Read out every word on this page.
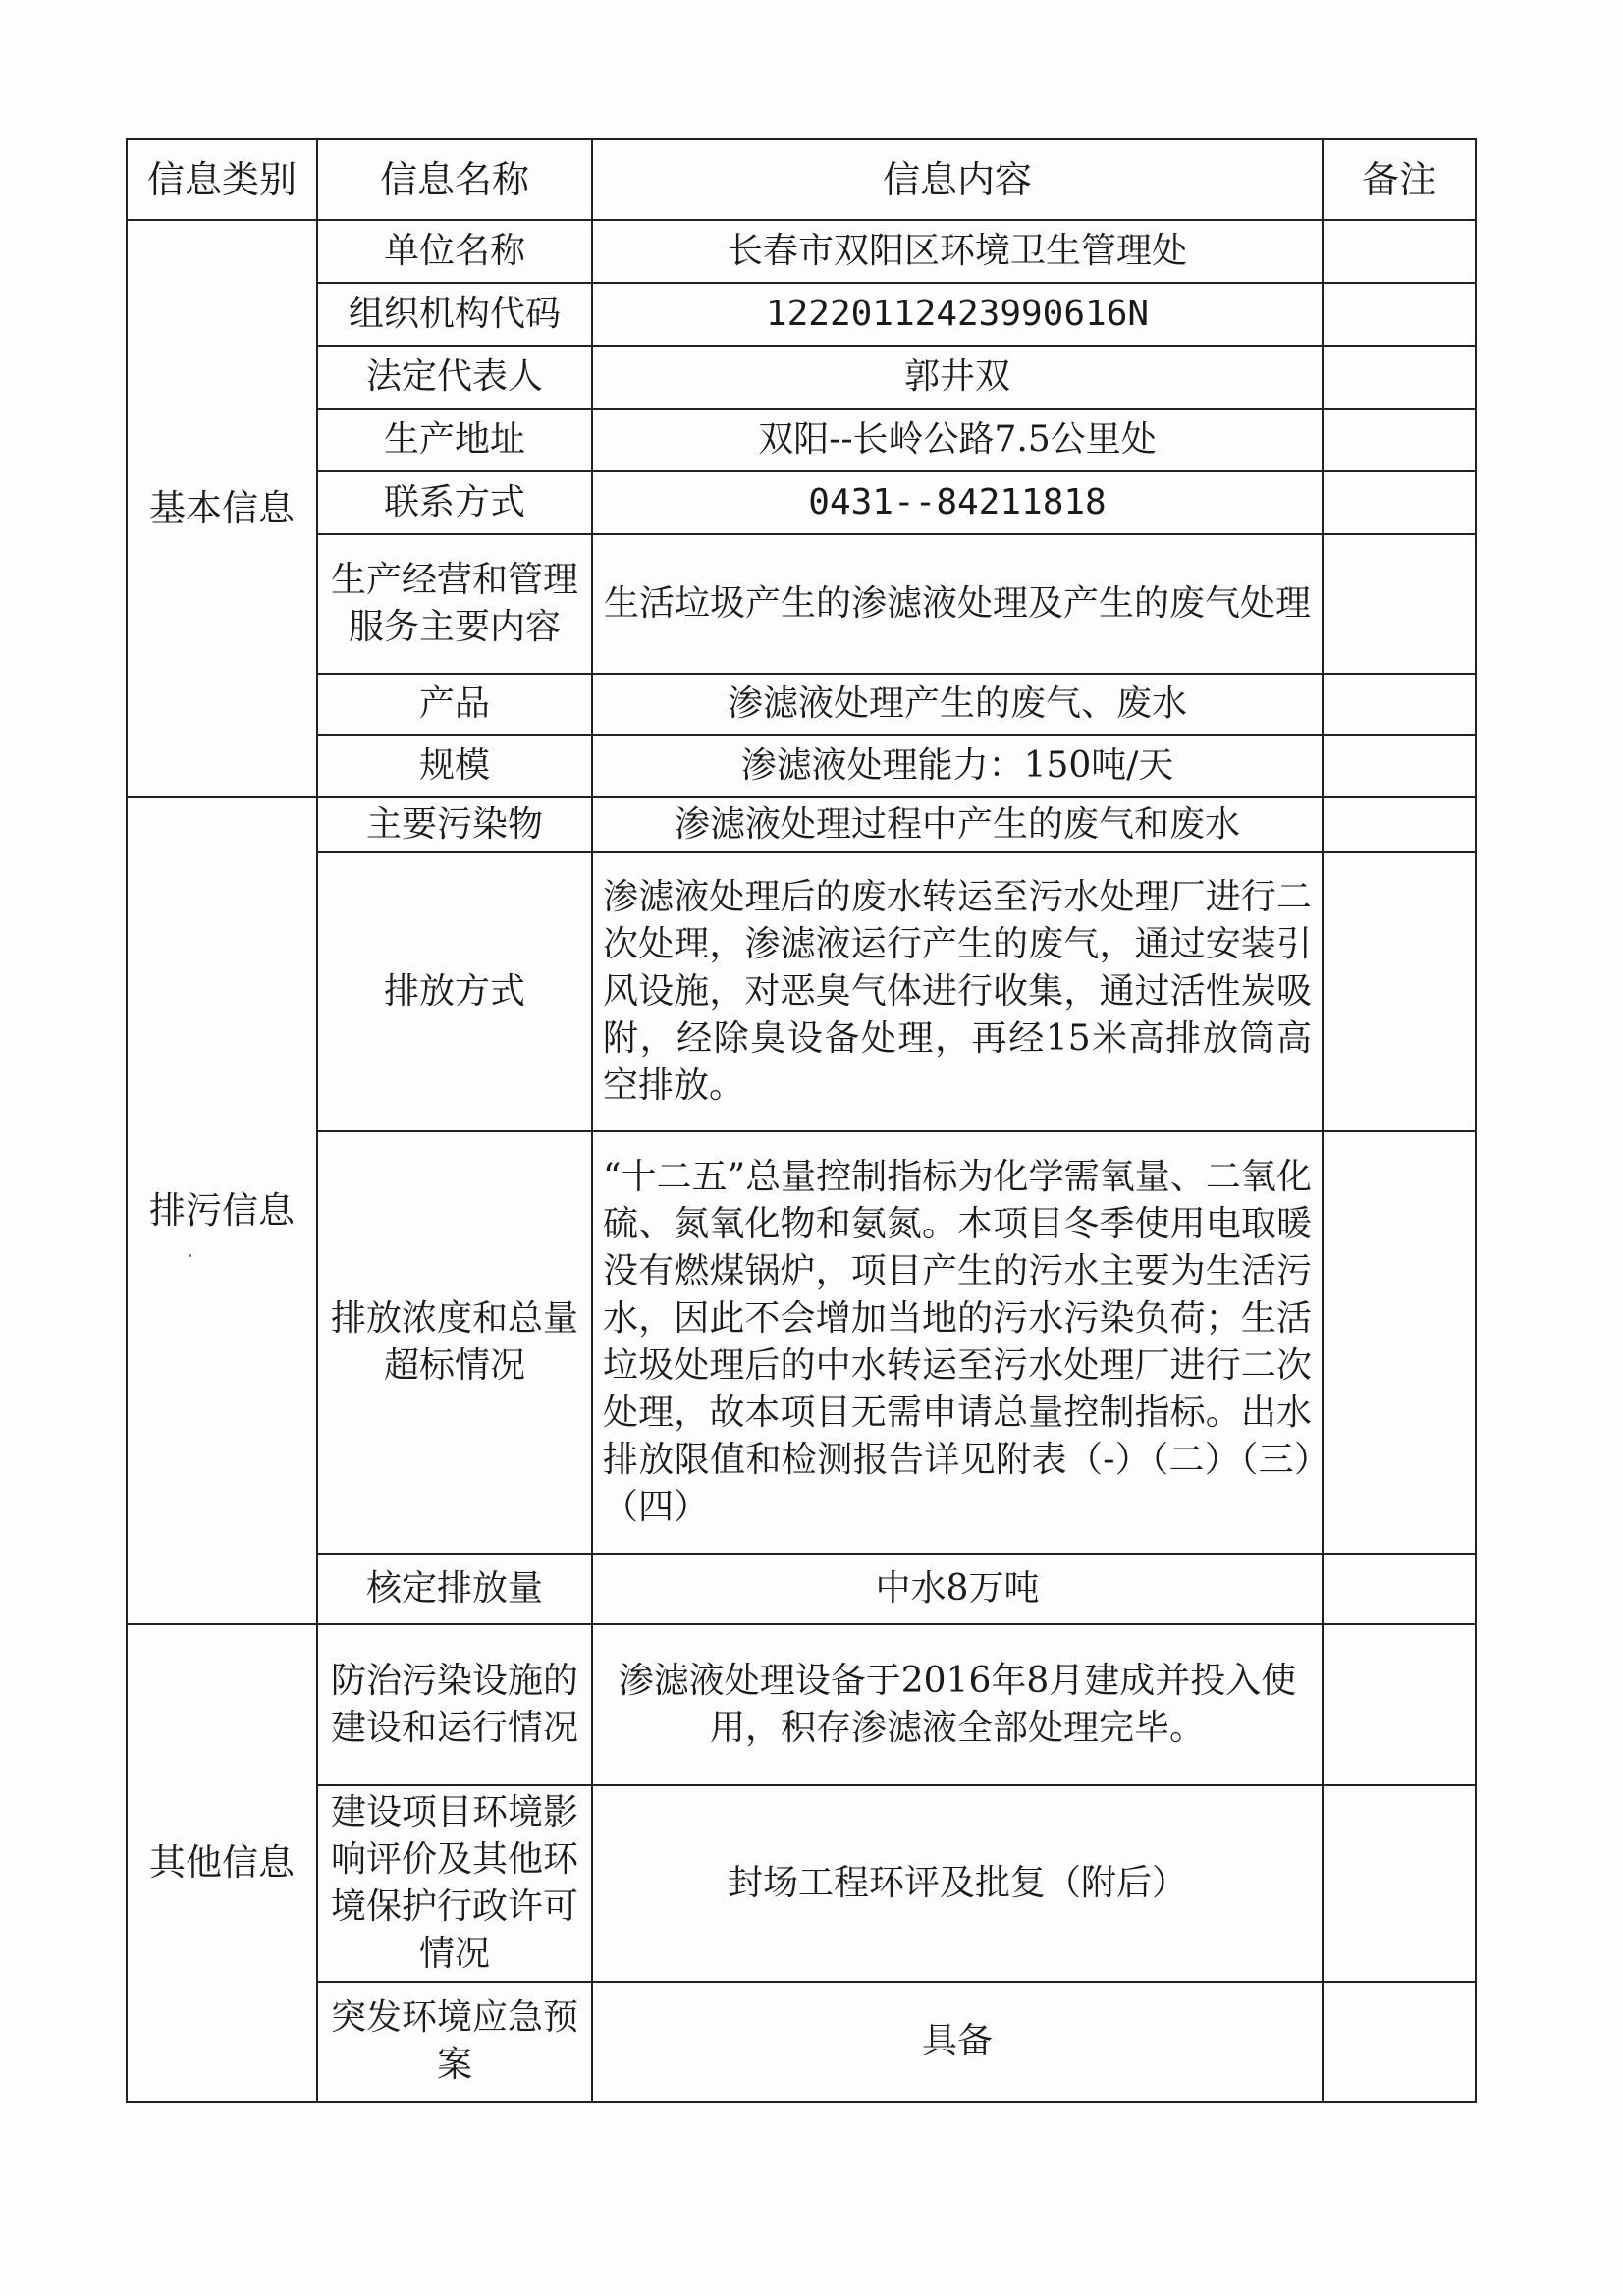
信息类别	信息名称	信息内容	备注
基本信息	单位名称	长春市双阳区环境卫生管理处	
	组织机构代码	12220112423990616N	
	法定代表人	郭井双	
	生产地址	双阳--长岭公路7.5公里处	
	联系方式	0431--84211818	
	生产经营和管理服务主要内容	生活垃圾产生的渗滤液处理及产生的废气处理	
	产品	渗滤液处理产生的废气、废水	
	规模	渗滤液处理能力：150吨/天	
排污信息	主要污染物	渗滤液处理过程中产生的废气和废水	
	排放方式	渗滤液处理后的废水转运至污水处理厂进行二次处理，渗滤液运行产生的废气，通过安装引风设施，对恶臭气体进行收集，通过活性炭吸附，经除臭设备处理，再经15米高排放筒高空排放。	
	排放浓度和总量超标情况	“十二五”总量控制指标为化学需氧量、二氧化硫、氮氧化物和氨氮。本项目冬季使用电取暖没有燃煤锅炉，项目产生的污水主要为生活污水，因此不会增加当地的污水污染负荷；生活垃圾处理后的中水转运至污水处理厂进行二次处理，故本项目无需申请总量控制指标。出水排放限值和检测报告详见附表（-）（二）（三）（四）	
	核定排放量	中水8万吨	
其他信息	防治污染设施的建设和运行情况	渗滤液处理设备于2016年8月建成并投入使用，积存渗滤液全部处理完毕。	
	建设项目环境影响评价及其他环境保护行政许可情况	封场工程环评及批复（附后）	
	突发环境应急预案	具备	
